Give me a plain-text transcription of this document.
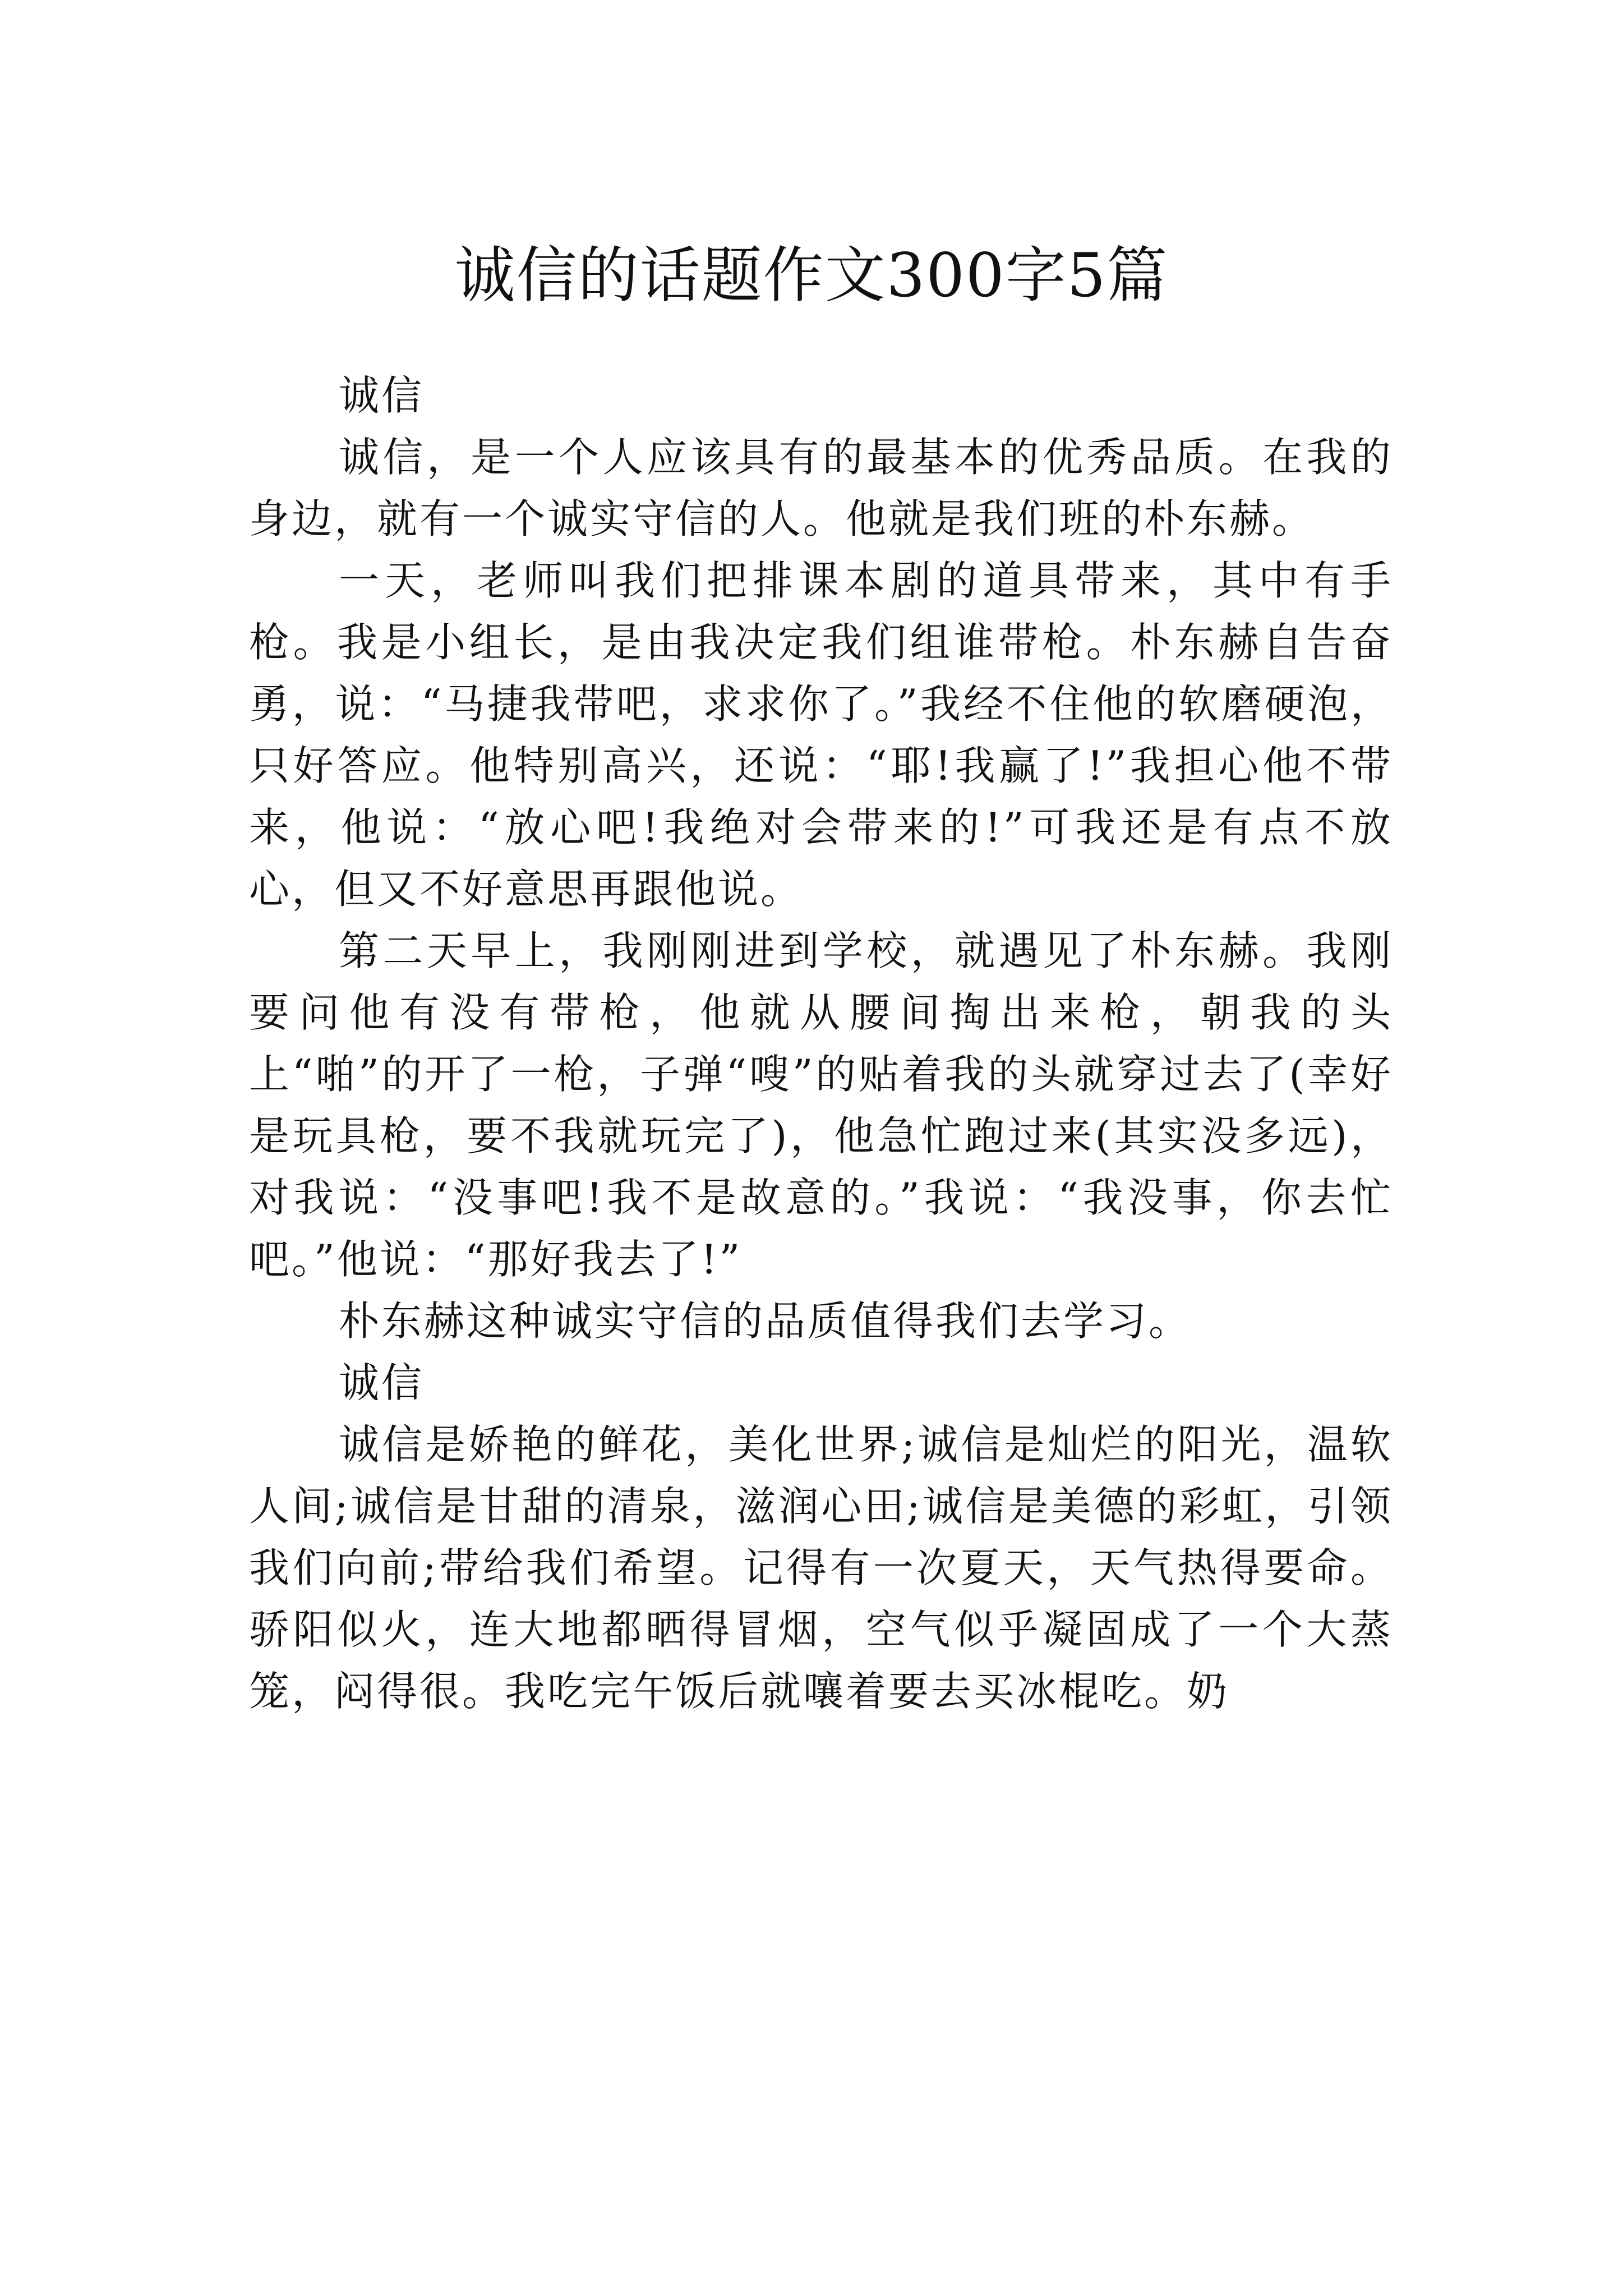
诚信的话题作文300字5篇

诚信

诚信，是一个人应该具有的最基本的优秀品质。在我的身边，就有一个诚实守信的人。他就是我们班的朴东赫。

一天，老师叫我们把排课本剧的道具带来，其中有手枪。我是小组长，是由我决定我们组谁带枪。朴东赫自告奋勇，说：“马捷我带吧，求求你了。”我经不住他的软磨硬泡，只好答应。他特别高兴，还说：“耶!我赢了!”我担心他不带来，他说：“放心吧!我绝对会带来的!”可我还是有点不放心，但又不好意思再跟他说。

第二天早上，我刚刚进到学校，就遇见了朴东赫。我刚要问他有没有带枪，他就从腰间掏出来枪，朝我的头上“啪”的开了一枪，子弹“嗖”的贴着我的头就穿过去了(幸好是玩具枪，要不我就玩完了)，他急忙跑过来(其实没多远)，对我说：“没事吧!我不是故意的。”我说：“我没事，你去忙吧。”他说：“那好我去了!”

朴东赫这种诚实守信的品质值得我们去学习。

诚信

诚信是娇艳的鲜花，美化世界;诚信是灿烂的阳光，温软人间;诚信是甘甜的清泉，滋润心田;诚信是美德的彩虹，引领我们向前;带给我们希望。记得有一次夏天，天气热得要命。骄阳似火，连大地都晒得冒烟，空气似乎凝固成了一个大蒸笼，闷得很。我吃完午饭后就嚷着要去买冰棍吃。奶
